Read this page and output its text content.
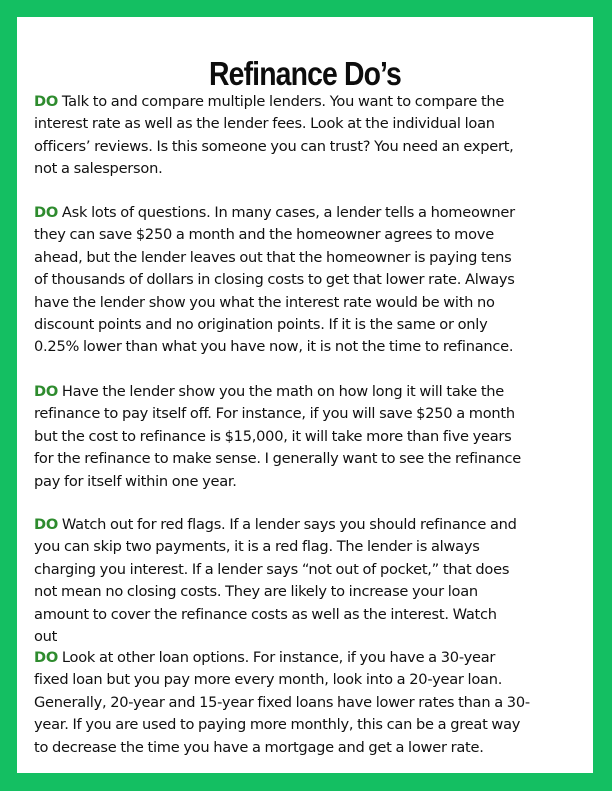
Refinance Do’s

DO Talk to and compare multiple lenders. You want to compare the
interest rate as well as the lender fees. Look at the individual loan
officers’ reviews. Is this someone you can trust? You need an expert,
not a salesperson.

DO Ask lots of questions. In many cases, a lender tells a homeowner
they can save $250 a month and the homeowner agrees to move
ahead, but the lender leaves out that the homeowner is paying tens
of thousands of dollars in closing costs to get that lower rate. Always
have the lender show you what the interest rate would be with no
discount points and no origination points. If it is the same or only
0.25% lower than what you have now, it is not the time to refinance.

DO Have the lender show you the math on how long it will take the
refinance to pay itself off. For instance, if you will save $250 a month
but the cost to refinance is $15,000, it will take more than five years
for the refinance to make sense. I generally want to see the refinance
pay for itself within one year.

DO Watch out for red flags. If a lender says you should refinance and
you can skip two payments, it is a red flag. The lender is always
charging you interest. If a lender says “not out of pocket,” that does
not mean no closing costs. They are likely to increase your loan
amount to cover the refinance costs as well as the interest. Watch
out

DO Look at other loan options. For instance, if you have a 30-year
fixed loan but you pay more every month, look into a 20-year loan.
Generally, 20-year and 15-year fixed loans have lower rates than a 30-
year. If you are used to paying more monthly, this can be a great way
to decrease the time you have a mortgage and get a lower rate.
